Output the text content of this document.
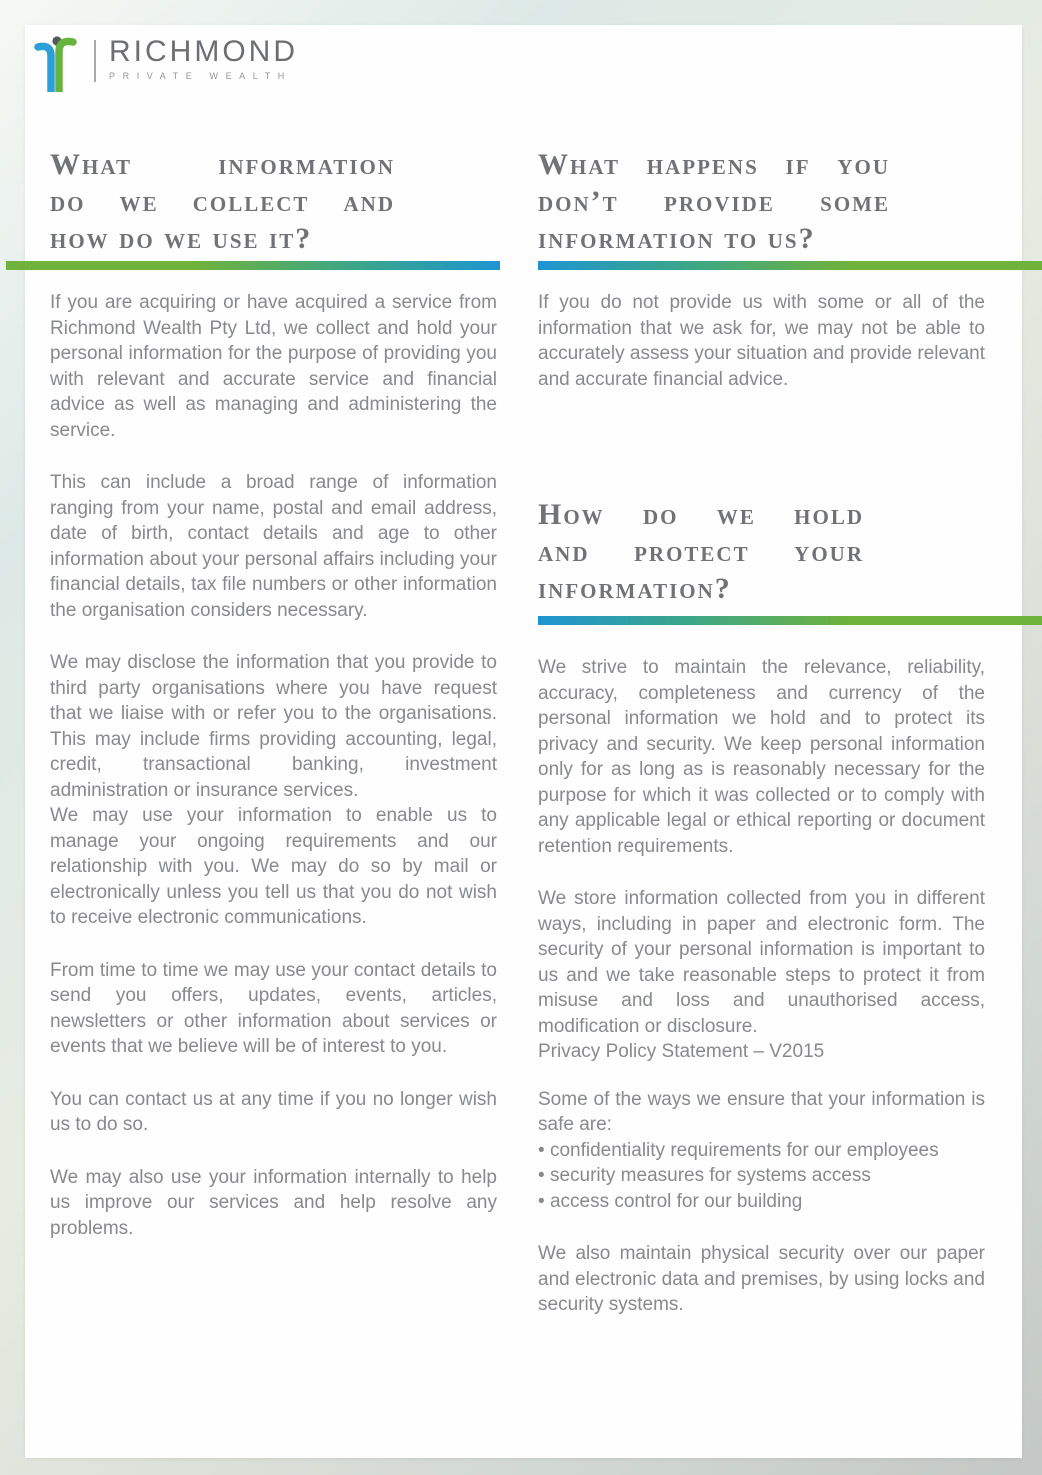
RICHMOND
PRIVATE WEALTH
What information
do we collect and
how do we use it?

If you are acquiring or have acquired a service from Richmond Wealth Pty Ltd, we collect and hold your personal information for the purpose of providing you with relevant and accurate service and financial advice as well as managing and administering the service.

This can include a broad range of information ranging from your name, postal and email address, date of birth, contact details and age to other information about your personal affairs including your financial details, tax file numbers or other information the organisation considers necessary.

We may disclose the information that you provide to third party organisations where you have request that we liaise with or refer you to the organisations. This may include firms providing accounting, legal, credit, transactional banking, investment administration or insurance services.

We may use your information to enable us to manage your ongoing requirements and our relationship with you. We may do so by mail or electronically unless you tell us that you do not wish to receive electronic communications.

From time to time we may use your contact details to send you offers, updates, events, articles, newsletters or other information about services or events that we believe will be of interest to you.

You can contact us at any time if you no longer wish us to do so.

We may also use your information internally to help us improve our services and help resolve any problems.

What happens if you
don’t provide some
information to us?

If you do not provide us with some or all of the information that we ask for, we may not be able to accurately assess your situation and provide relevant and accurate financial advice.

How do we hold
and protect your
information?

We strive to maintain the relevance, reliability, accuracy, completeness and currency of the personal information we hold and to protect its privacy and security. We keep personal information only for as long as is reasonably necessary for the purpose for which it was collected or to comply with any applicable legal or ethical reporting or document retention requirements.

We store information collected from you in different ways, including in paper and electronic form. The security of your personal information is important to us and we take reasonable steps to protect it from misuse and loss and unauthorised access, modification or disclosure.

Privacy Policy Statement – V2015

Some of the ways we ensure that your information is safe are:

• confidentiality requirements for our employees
• security measures for systems access
• access control for our building

We also maintain physical security over our paper and electronic data and premises, by using locks and security systems.
